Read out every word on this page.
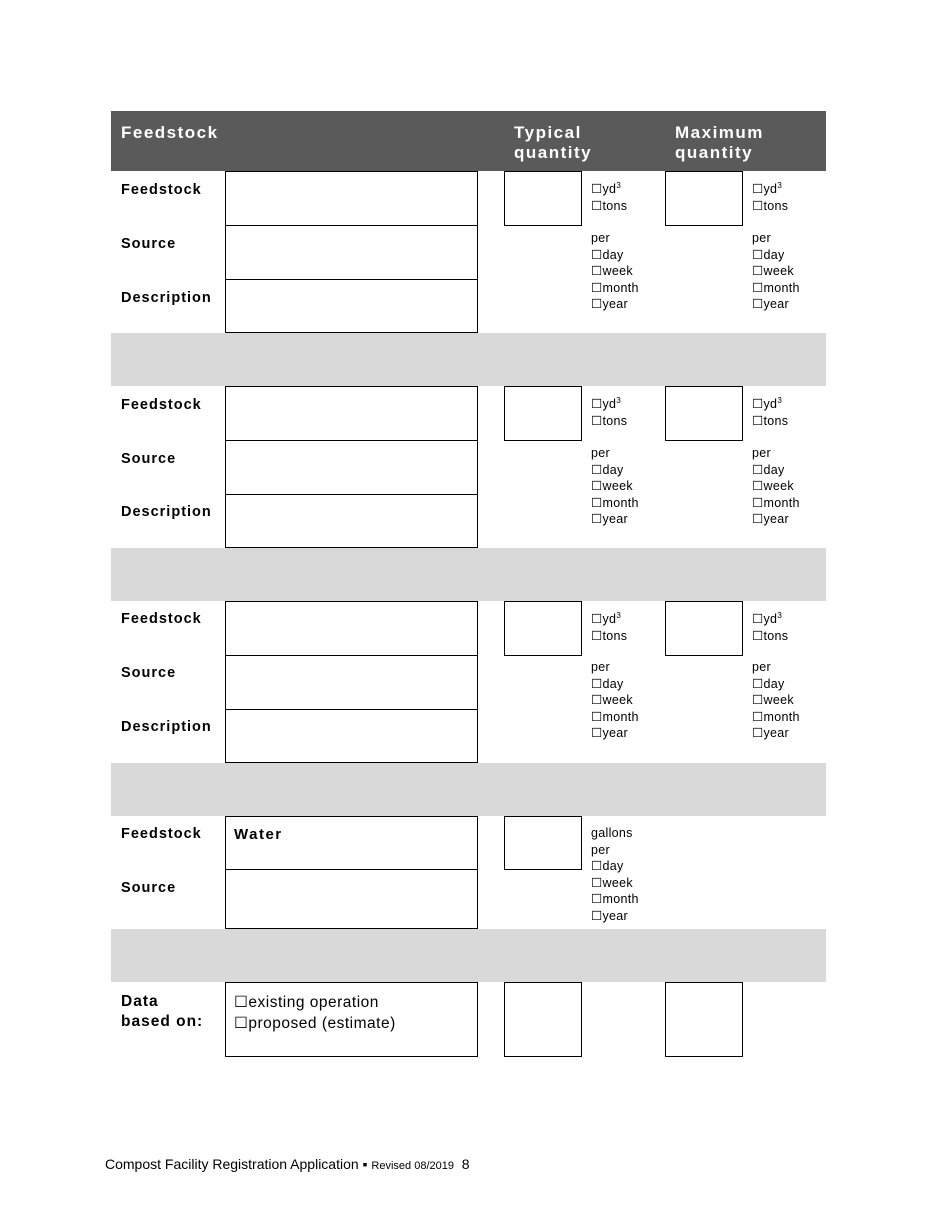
Feedstock	Typical
quantity
Maximum
quantity
Feedstock
Source
Description
$☐yd^3$
☐tons
per
☐day
☐week
☐month
☐year
$☐yd^3$
☐tons
per
☐day
☐week
☐month
☐year
Feedstock
Source
Description
$☐yd^3$
☐tons
per
☐day
☐week
☐month
☐year
$☐yd^3$
☐tons
per
☐day
☐week
☐month
☐year
Feedstock
Source
Description
$☐yd^3$
☐tons
per
☐day
☐week
☐month
☐year
$☐yd^3$
☐tons
per
☐day
☐week
☐month
☐year
Feedstock
Source
Water	gallons
per
☐day
☐week
☐month
☐year
Data
based on:
☐existing operation
☐proposed (estimate)
Compost Facility Registration Application ▪ Revised 08/2019 8
